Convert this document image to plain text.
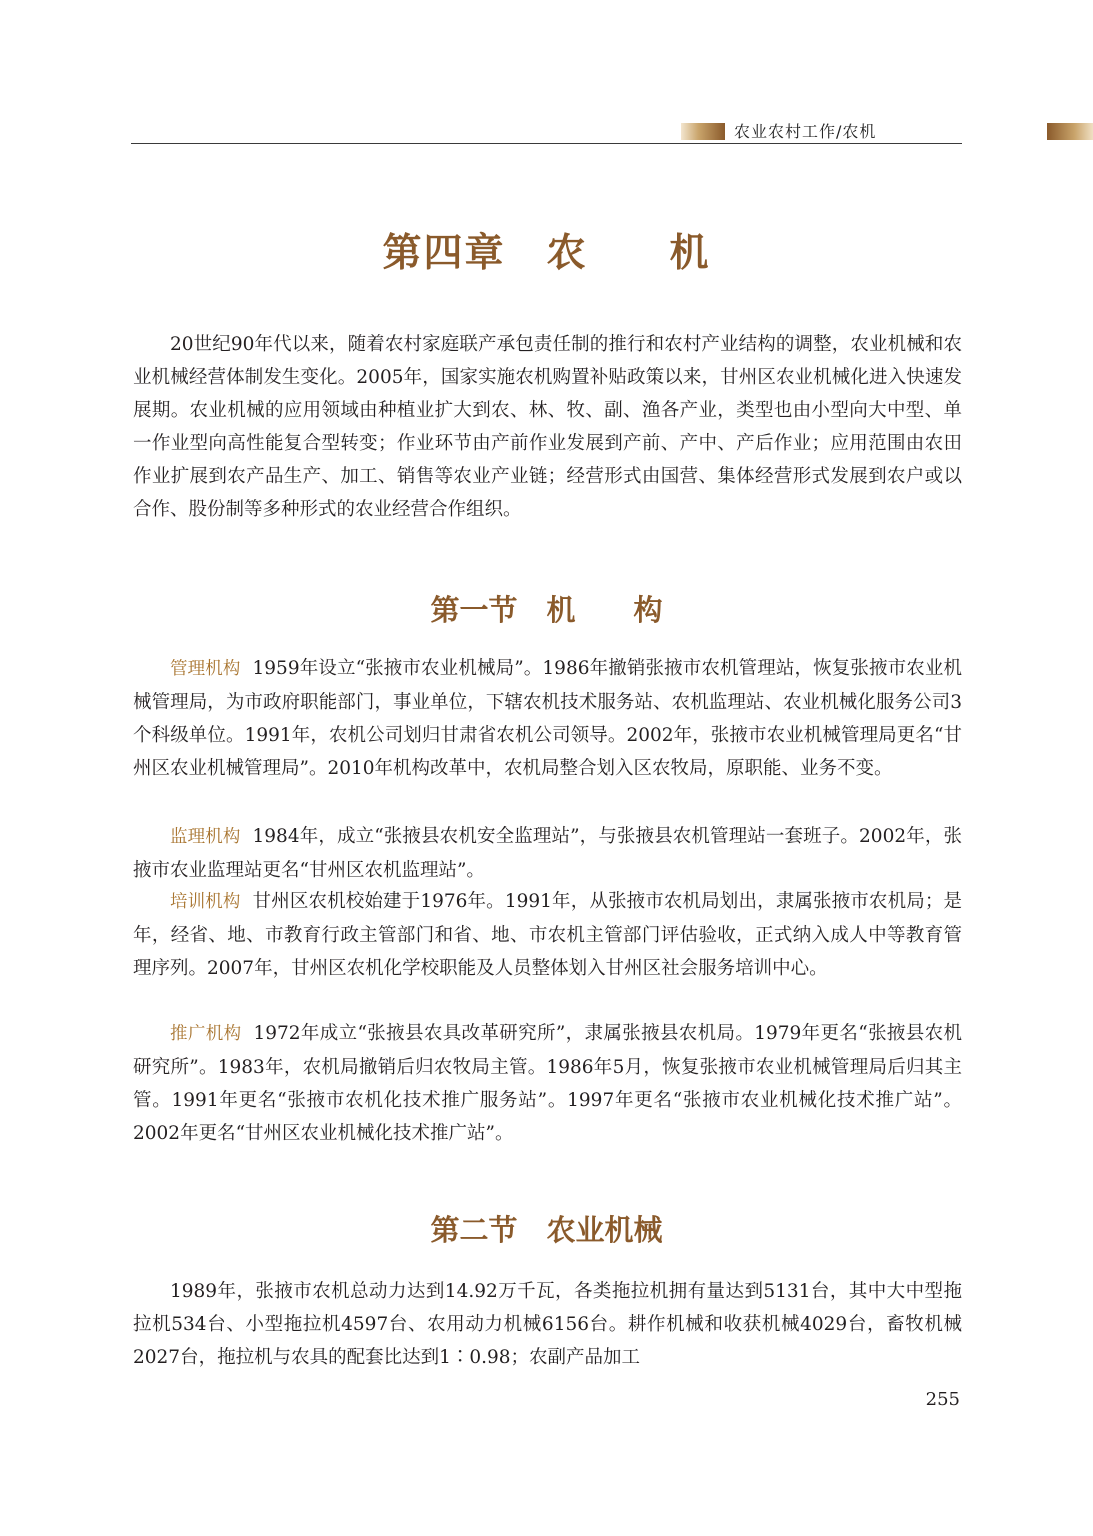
农业农村工作/农机
第四章　农　　机

20世纪90年代以来，随着农村家庭联产承包责任制的推行和农村产业结构的调整，农业机械和农业机械经营体制发生变化。2005年，国家实施农机购置补贴政策以来，甘州区农业机械化进入快速发展期。农业机械的应用领域由种植业扩大到农、林、牧、副、渔各产业，类型也由小型向大中型、单一作业型向高性能复合型转变；作业环节由产前作业发展到产前、产中、产后作业；应用范围由农田作业扩展到农产品生产、加工、销售等农业产业链；经营形式由国营、集体经营形式发展到农户或以合作、股份制等多种形式的农业经营合作组织。

第一节　机　　构

管理机构 1959年设立“张掖市农业机械局”。1986年撤销张掖市农机管理站，恢复张掖市农业机械管理局，为市政府职能部门，事业单位，下辖农机技术服务站、农机监理站、农业机械化服务公司3个科级单位。1991年，农机公司划归甘肃省农机公司领导。2002年，张掖市农业机械管理局更名“甘州区农业机械管理局”。2010年机构改革中，农机局整合划入区农牧局，原职能、业务不变。

监理机构 1984年，成立“张掖县农机安全监理站”，与张掖县农机管理站一套班子。2002年，张掖市农业监理站更名“甘州区农机监理站”。

培训机构 甘州区农机校始建于1976年。1991年，从张掖市农机局划出，隶属张掖市农机局；是年，经省、地、市教育行政主管部门和省、地、市农机主管部门评估验收，正式纳入成人中等教育管理序列。2007年，甘州区农机化学校职能及人员整体划入甘州区社会服务培训中心。

推广机构 1972年成立“张掖县农具改革研究所”，隶属张掖县农机局。1979年更名“张掖县农机研究所”。1983年，农机局撤销后归农牧局主管。1986年5月，恢复张掖市农业机械管理局后归其主管。1991年更名“张掖市农机化技术推广服务站”。1997年更名“张掖市农业机械化技术推广站”。2002年更名“甘州区农业机械化技术推广站”。

第二节　农业机械

1989年，张掖市农机总动力达到14.92万千瓦，各类拖拉机拥有量达到5131台，其中大中型拖拉机534台、小型拖拉机4597台、农用动力机械6156台。耕作机械和收获机械4029台，畜牧机械2027台，拖拉机与农具的配套比达到1∶0.98；农副产品加工

255
